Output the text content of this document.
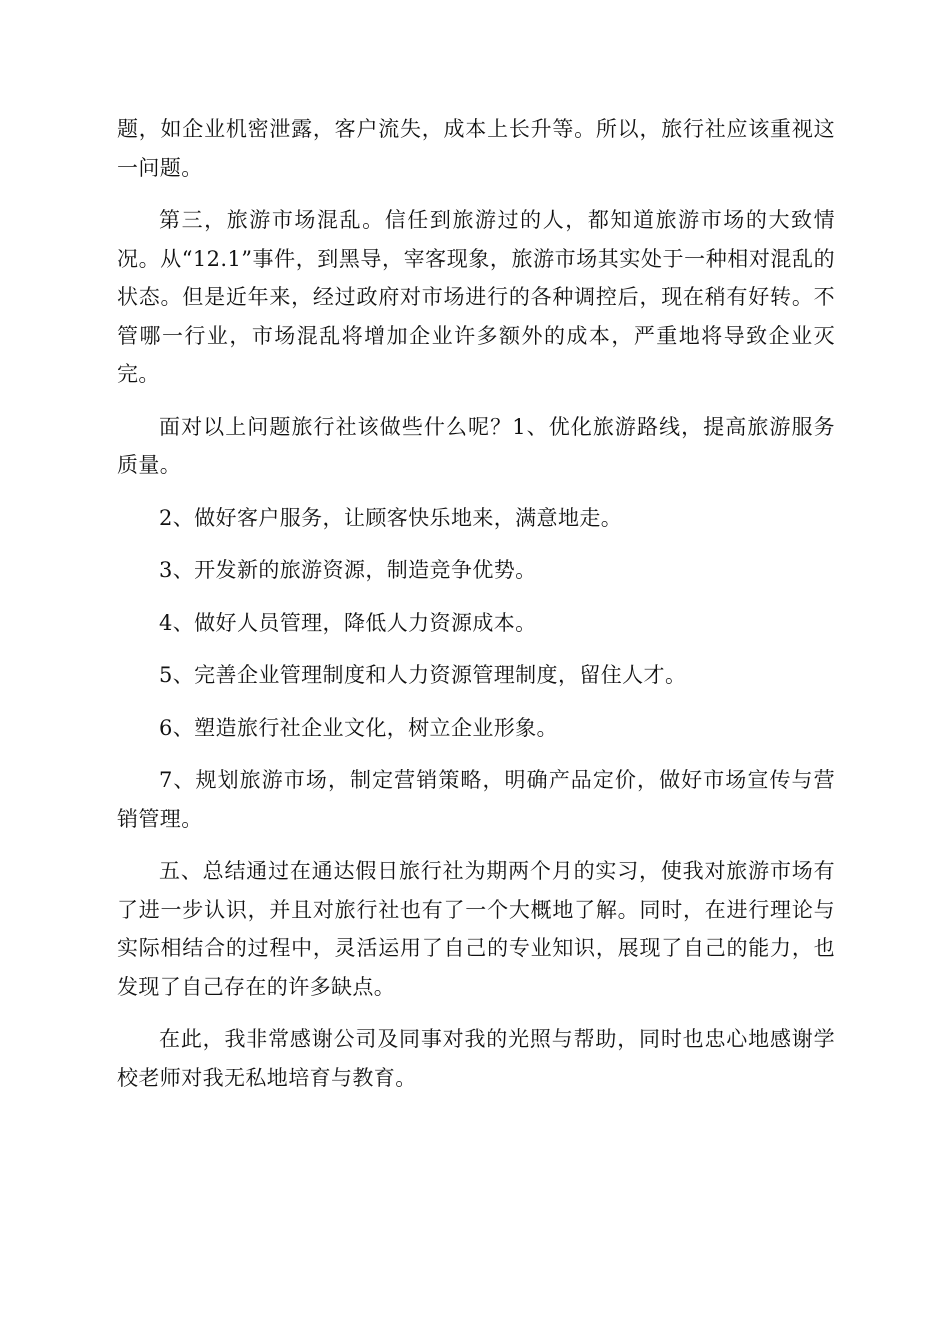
题，如企业机密泄露，客户流失，成本上长升等。所以，旅行社应该重视这一问题。

第三，旅游市场混乱。信任到旅游过的人，都知道旅游市场的大致情况。从“12.1”事件，到黑导，宰客现象，旅游市场其实处于一种相对混乱的状态。但是近年来，经过政府对市场进行的各种调控后，现在稍有好转。不管哪一行业，市场混乱将增加企业许多额外的成本，严重地将导致企业灭完。

面对以上问题旅行社该做些什么呢？1、优化旅游路线，提高旅游服务质量。

2、做好客户服务，让顾客快乐地来，满意地走。

3、开发新的旅游资源，制造竞争优势。

4、做好人员管理，降低人力资源成本。

5、完善企业管理制度和人力资源管理制度，留住人才。

6、塑造旅行社企业文化，树立企业形象。

7、规划旅游市场，制定营销策略，明确产品定价，做好市场宣传与营销管理。

五、总结通过在通达假日旅行社为期两个月的实习，使我对旅游市场有了进一步认识，并且对旅行社也有了一个大概地了解。同时，在进行理论与实际相结合的过程中，灵活运用了自己的专业知识，展现了自己的能力，也发现了自己存在的许多缺点。

在此，我非常感谢公司及同事对我的光照与帮助，同时也忠心地感谢学校老师对我无私地培育与教育。
